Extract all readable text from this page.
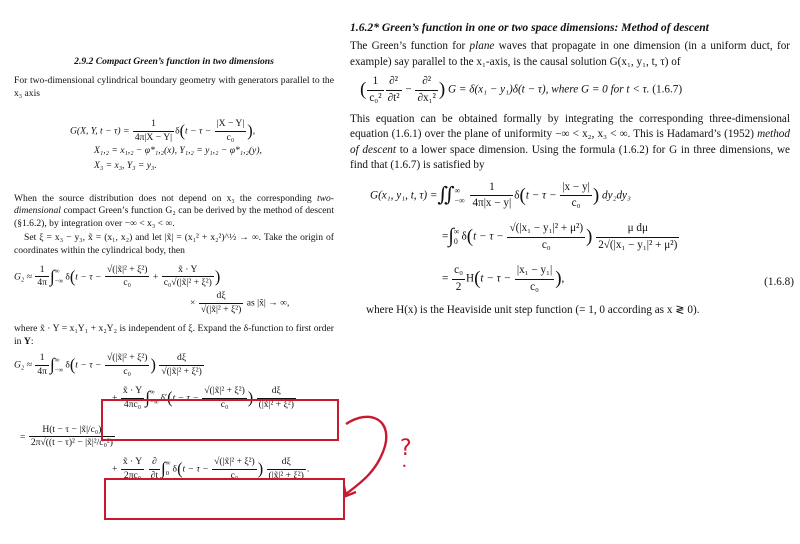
2.9.2 Compact Green’s function in two dimensions

For two-dimensional cylindrical boundary geometry with generators parallel to the x₃ axis

G(X, Y, $t - \tau) = \frac{1}{4\pi|X - Y|} \delta(t - \tau - \frac{|X - Y|}{\text{c₀}}$ ),
X₁,₂ = x₁,₂ − φ*₁,₂(x), Y₁,₂ = y₁,₂ − φ*₁,₂(y),
X₃ = x₃, Y₃ = y₃.

When the source distribution does not depend on x₃ the corresponding two-dimensional compact Green’s function G₂ can be derived by the method of descent (§1.6.2), by integration over −∞ < x₃ < ∞.

Set ξ = x₃ − y₃, x̃ = (x₁, x₂) and let |x̃| = (x₁² + x₂²)^½ → ∞. Take the origin of coordinates within the cylindrical body, then

$G_2 \approx \frac{1}{4\pi}$ ∫∞
−∞ $\delta(t - \tau - \frac{\text{√(|x̃|² + ξ²)}}{\text{c₀}} + \frac{x̃ \cdot Y}{\text{c₀√(|x̃|² + ξ²)}}$ )
× $\frac{d\xi}{\text{√(|x̃|² + ξ²)}}$ as |x̃| → ∞,

where x̃ · Y = x₁Y₁ + x₂Y₂ is independent of ξ. Expand the δ-function to first order in Y:

$G_2 \approx \frac{1}{4\pi}$ ∫∞
−∞ $\delta(t - \tau - \frac{\text{√(|x̃|² + ξ²)}}{\text{c₀}}$ ) $\frac{d\xi}{\text{√(|x̃|² + ξ²)}}$
+ $\frac{x̃ \cdot Y}{\text{4πc₀}}$ ∫∞
−∞ $\delta'(t - \tau - \frac{\text{√(|x̃|² + ξ²)}}{\text{c₀}}$ ) $\frac{d\xi}{\text{(|x̃|² + ξ²)}}$
= $\frac{\text{H(t − τ − |x̃|/c₀)}}{\text{2π√((t − τ)² − |x̃|²/c₀²)}}$
+ $\frac{x̃ \cdot Y}{\text{2πc₀}}$
$\frac{\partial}{\partial t}$ ∫∞
0 $\delta(t - \tau - \frac{\text{√(|x̃|² + ξ²)}}{\text{c₀}}$ ) $\frac{d\xi}{\text{(|x̃|² + ξ²)}}$ .
1.6.2* Green’s function in one or two space dimensions: Method of descent

The Green’s function for plane waves that propagate in one dimension (in a uniform duct, for example) say parallel to the x₁-axis, is the causal solution G(x₁, y₁, t, τ) of

( $\frac{1}{\text{c₀²}} \frac{\text{∂²}}{\text{∂t²}} - \frac{\text{∂²}}{\text{∂x₁²}}$ ) G = δ(x₁ − y₁)δ(t − τ), where G = 0 for t < τ. (1.6.7)

This equation can be obtained formally by integrating the corresponding three-dimensional equation (1.6.1) over the plane of uniformity −∞ < x₂, x₃ < ∞. This is Hadamard’s (1952) method of descent to a lower space dimension. Using the formula (1.6.2) for G in three dimensions, we find that (1.6.7) is satisfied by

G(x₁, y₁, t, τ) =∬∞
−∞ $\frac{1}{4\pi|x - y|} \delta(t - \tau - \frac{|x - y|}{\text{c₀}}$ ) dy₂dy₃
=∫∞
0 $\delta(t - \tau - \frac{\text{√(|x₁ − y₁|² + μ²)}}{\text{c₀}}$ ) $\frac{\text{μ dμ}}{\text{2√(|x₁ − y₁|² + μ²)}}$
= $\frac{\text{c₀}}{2} H(t - \tau - \frac{\text{|x₁ − y₁|}}{\text{c₀}}$ ),	(1.6.8)

where H(x) is the Heaviside unit step function (= 1, 0 according as x ≷ 0).

?
•
